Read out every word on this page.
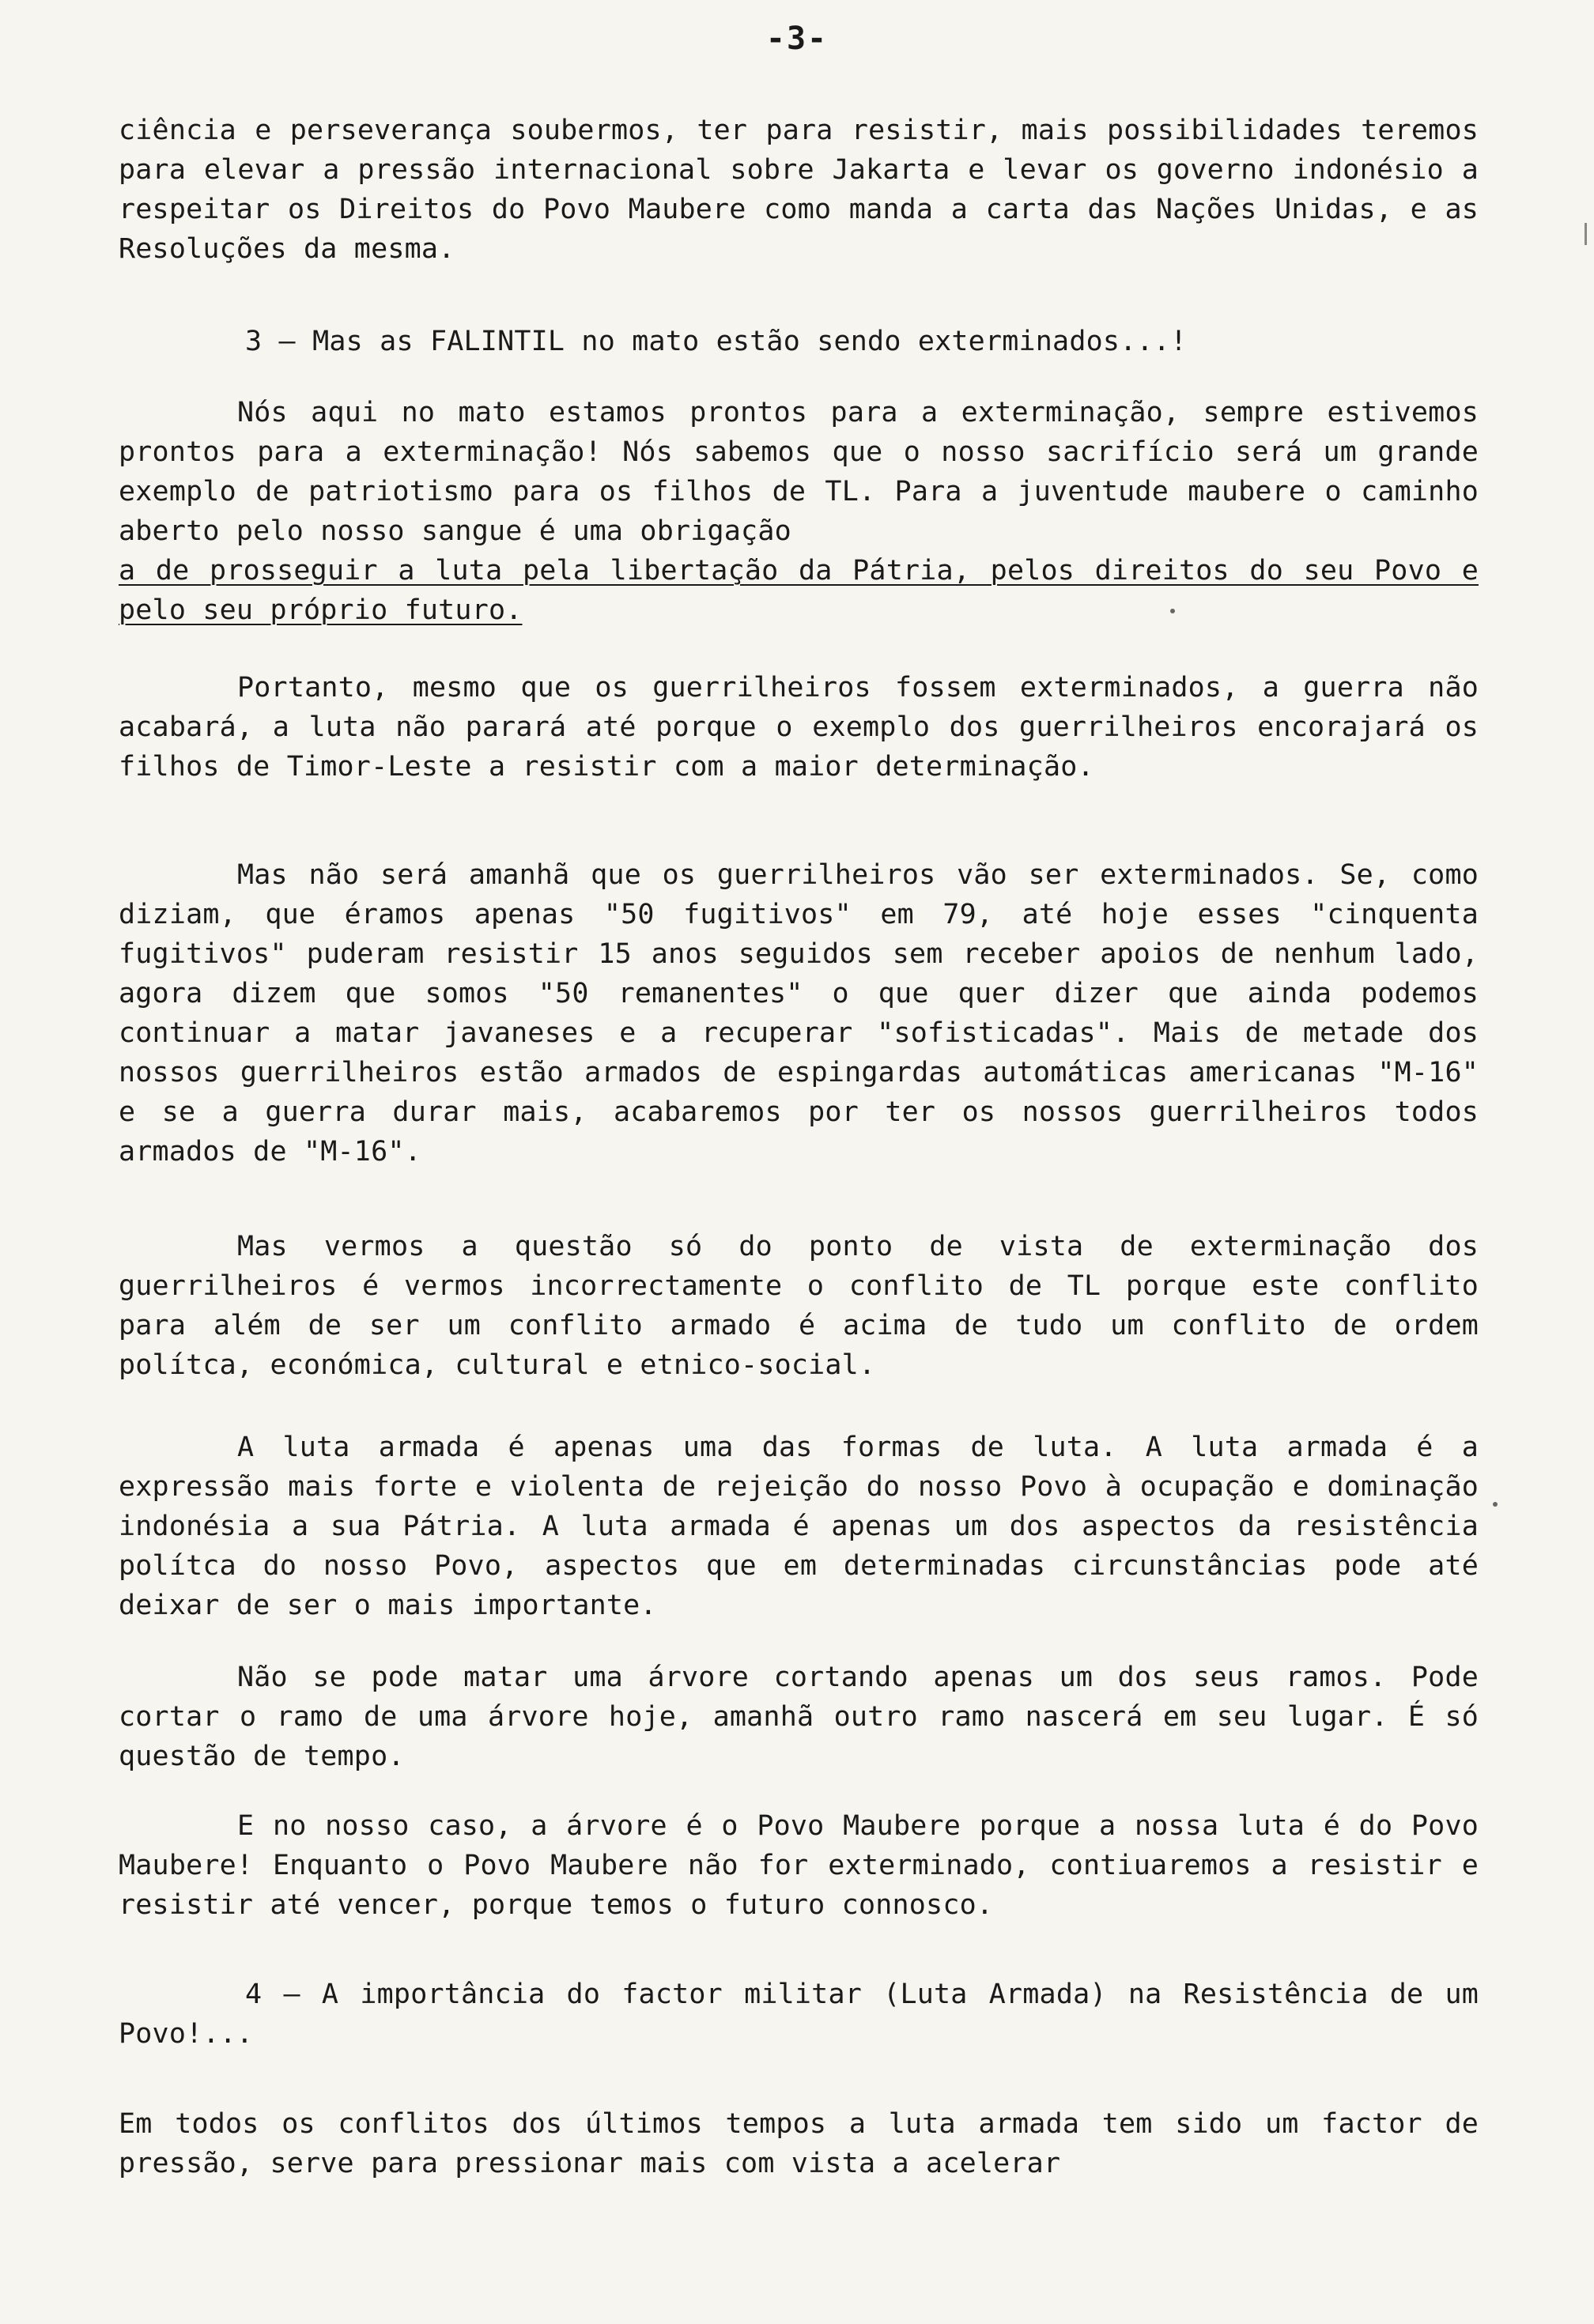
-3-

ciência e perseverança soubermos, ter para resistir, mais possibilidades teremos para elevar a pressão internacional sobre Jakarta e levar os governo indonésio a respeitar os Direitos do Povo Maubere como manda a carta das Nações Unidas, e as Resoluções da mesma.

3 – Mas as FALINTIL no mato estão sendo exterminados...!

Nós aqui no mato estamos prontos para a exterminação, sempre estivemos prontos para a exterminação! Nós sabemos que o nosso sacrifício será um grande exemplo de patriotismo para os filhos de TL. Para a juventude maubere o caminho aberto pelo nosso sangue é uma obrigação

a de prosseguir a luta pela libertação da Pátria, pelos direitos do seu Povo e pelo seu próprio futuro.

Portanto, mesmo que os guerrilheiros fossem exterminados, a guerra não acabará, a luta não parará até porque o exemplo dos guerrilheiros encorajará os filhos de Timor-Leste a resistir com a maior determinação.

Mas não será amanhã que os guerrilheiros vão ser exterminados. Se, como diziam, que éramos apenas "50 fugitivos" em 79, até hoje esses "cinquenta fugitivos" puderam resistir 15 anos seguidos sem receber apoios de nenhum lado, agora dizem que somos "50 remanentes" o que quer dizer que ainda podemos continuar a matar javaneses e a recuperar "sofisticadas". Mais de metade dos nossos guerrilheiros estão armados de espingardas automáticas americanas "M-16" e se a guerra durar mais, acabaremos por ter os nossos guerrilheiros todos armados de "M-16".

Mas vermos a questão só do ponto de vista de exterminação dos guerrilheiros é vermos incorrectamente o conflito de TL porque este conflito para além de ser um conflito armado é acima de tudo um conflito de ordem polítca, económica, cultural e etnico-social.

A luta armada é apenas uma das formas de luta. A luta armada é a expressão mais forte e violenta de rejeição do nosso Povo à ocupação e dominação indonésia a sua Pátria. A luta armada é apenas um dos aspectos da resistência polítca do nosso Povo, aspectos que em determinadas circunstâncias pode até deixar de ser o mais importante.

Não se pode matar uma árvore cortando apenas um dos seus ramos. Pode cortar o ramo de uma árvore hoje, amanhã outro ramo nascerá em seu lugar. É só questão de tempo.

E no nosso caso, a árvore é o Povo Maubere porque a nossa luta é do Povo Maubere! Enquanto o Povo Maubere não for exterminado, contiuaremos a resistir e resistir até vencer, porque temos o futuro connosco.

4 – A importância do factor militar (Luta Armada) na Resistência de um Povo!...

Em todos os conflitos dos últimos tempos a luta armada tem sido um factor de pressão, serve para pressionar mais com vista a acelerar
